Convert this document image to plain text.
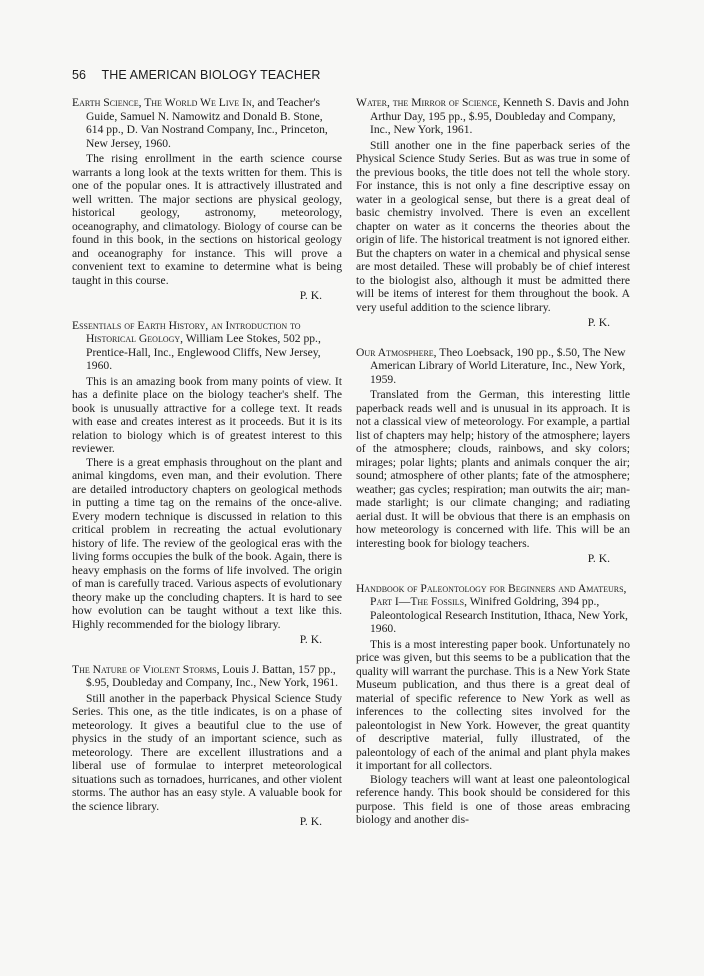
56 THE AMERICAN BIOLOGY TEACHER

Earth Science, The World We Live In, and Teacher's Guide, Samuel N. Namowitz and Donald B. Stone, 614 pp., D. Van Nostrand Company, Inc., Princeton, New Jersey, 1960.

The rising enrollment in the earth science course warrants a long look at the texts written for them. This is one of the popular ones. It is attractively illustrated and well written. The major sections are physical geology, historical geology, astronomy, meteorology, oceanography, and climatology. Biology of course can be found in this book, in the sections on historical geology and oceanography for instance. This will prove a convenient text to examine to determine what is being taught in this course.

P. K.

Essentials of Earth History, an Introduction to Historical Geology, William Lee Stokes, 502 pp., Prentice-Hall, Inc., Englewood Cliffs, New Jersey, 1960.

This is an amazing book from many points of view. It has a definite place on the biology teacher's shelf. The book is unusually attractive for a college text. It reads with ease and creates interest as it proceeds. But it is its relation to biology which is of greatest interest to this reviewer.

There is a great emphasis throughout on the plant and animal kingdoms, even man, and their evolution. There are detailed introductory chapters on geological methods in putting a time tag on the remains of the once-alive. Every modern technique is discussed in relation to this critical problem in recreating the actual evolutionary history of life. The review of the geological eras with the living forms occupies the bulk of the book. Again, there is heavy emphasis on the forms of life involved. The origin of man is carefully traced. Various aspects of evolutionary theory make up the concluding chapters. It is hard to see how evolution can be taught without a text like this. Highly recommended for the biology library.

P. K.

The Nature of Violent Storms, Louis J. Battan, 157 pp., $.95, Doubleday and Company, Inc., New York, 1961.

Still another in the paperback Physical Science Study Series. This one, as the title indicates, is on a phase of meteorology. It gives a beautiful clue to the use of physics in the study of an important science, such as meteorology. There are excellent illustrations and a liberal use of formulae to interpret meteorological situations such as tornadoes, hurricanes, and other violent storms. The author has an easy style. A valuable book for the science library.

P. K.

Water, the Mirror of Science, Kenneth S. Davis and John Arthur Day, 195 pp., $.95, Doubleday and Company, Inc., New York, 1961.

Still another one in the fine paperback series of the Physical Science Study Series. But as was true in some of the previous books, the title does not tell the whole story. For instance, this is not only a fine descriptive essay on water in a geological sense, but there is a great deal of basic chemistry involved. There is even an excellent chapter on water as it concerns the theories about the origin of life. The historical treatment is not ignored either. But the chapters on water in a chemical and physical sense are most detailed. These will probably be of chief interest to the biologist also, although it must be admitted there will be items of interest for them throughout the book. A very useful addition to the science library.

P. K.

Our Atmosphere, Theo Loebsack, 190 pp., $.50, The New American Library of World Literature, Inc., New York, 1959.

Translated from the German, this interesting little paperback reads well and is unusual in its approach. It is not a classical view of meteorology. For example, a partial list of chapters may help; history of the atmosphere; layers of the atmosphere; clouds, rainbows, and sky colors; mirages; polar lights; plants and animals conquer the air; sound; atmosphere of other plants; fate of the atmosphere; weather; gas cycles; respiration; man outwits the air; man-made starlight; is our climate changing; and radiating aerial dust. It will be obvious that there is an emphasis on how meteorology is concerned with life. This will be an interesting book for biology teachers.

P. K.

Handbook of Paleontology for Beginners and Amateurs, Part I—The Fossils, Winifred Goldring, 394 pp., Paleontological Research Institution, Ithaca, New York, 1960.

This is a most interesting paper book. Unfortunately no price was given, but this seems to be a publication that the quality will warrant the purchase. This is a New York State Museum publication, and thus there is a great deal of material of specific reference to New York as well as inferences to the collecting sites involved for the paleontologist in New York. However, the great quantity of descriptive material, fully illustrated, of the paleontology of each of the animal and plant phyla makes it important for all collectors.

Biology teachers will want at least one paleontological reference handy. This book should be considered for this purpose. This field is one of those areas embracing biology and another dis-
